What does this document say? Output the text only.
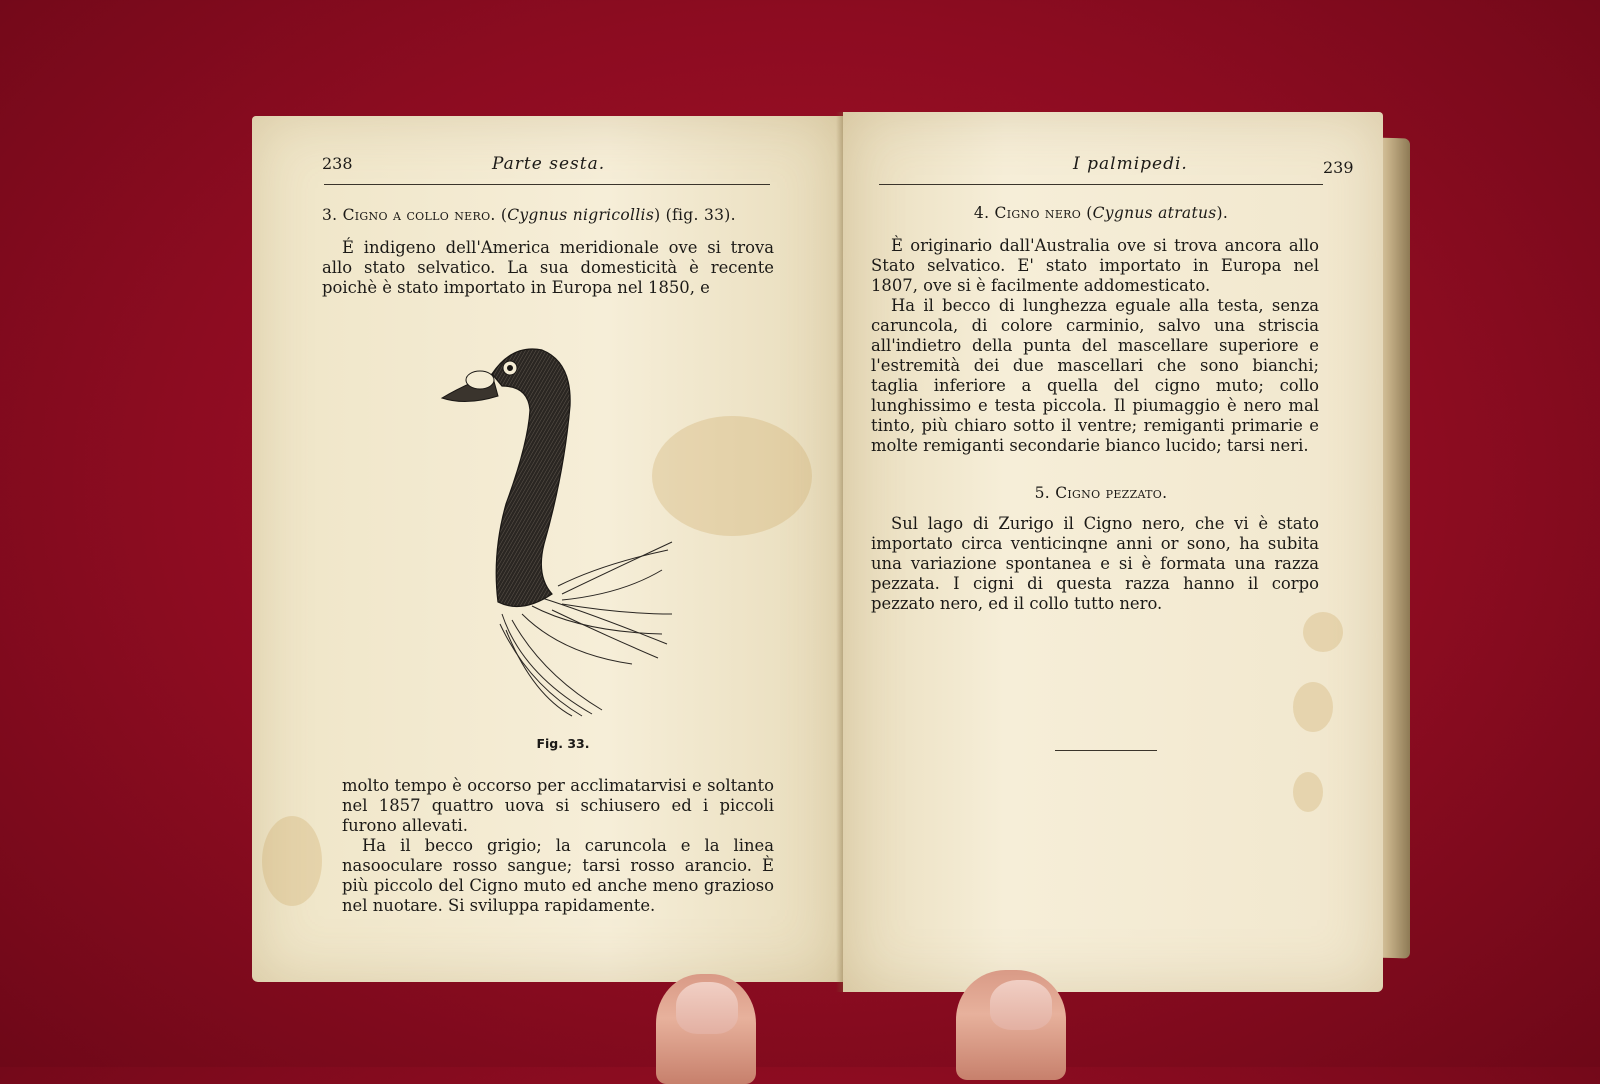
238	Parte sesta.
3. Cigno a collo nero. (Cygnus nigricollis) (fig. 33).

É indigeno dell'America meridionale ove si trova allo stato selvatico. La sua domesticità è recente poichè è stato importato in Europa nel 1850, e

Fig. 33.

molto tempo è occorso per acclimatarvisi e soltanto nel 1857 quattro uova si schiusero ed i piccoli furono allevati.

Ha il becco grigio; la caruncola e la linea nasooculare rosso sangue; tarsi rosso arancio. È più piccolo del Cigno muto ed anche meno grazioso nel nuotare. Si sviluppa rapidamente.

I palmipedi.	239
4. Cigno nero (Cygnus atratus).

È originario dall'Australia ove si trova ancora allo Stato selvatico. E' stato importato in Europa nel 1807, ove si è facilmente addomesticato.

Ha il becco di lunghezza eguale alla testa, senza caruncola, di colore carminio, salvo una striscia all'indietro della punta del mascellare superiore e l'estremità dei due mascellari che sono bianchi; taglia inferiore a quella del cigno muto; collo lunghissimo e testa piccola. Il piumaggio è nero mal tinto, più chiaro sotto il ventre; remiganti primarie e molte remiganti secondarie bianco lucido; tarsi neri.

5. Cigno pezzato.

Sul lago di Zurigo il Cigno nero, che vi è stato importato circa venticinqne anni or sono, ha subita una variazione spontanea e si è formata una razza pezzata. I cigni di questa razza hanno il corpo pezzato nero, ed il collo tutto nero.
